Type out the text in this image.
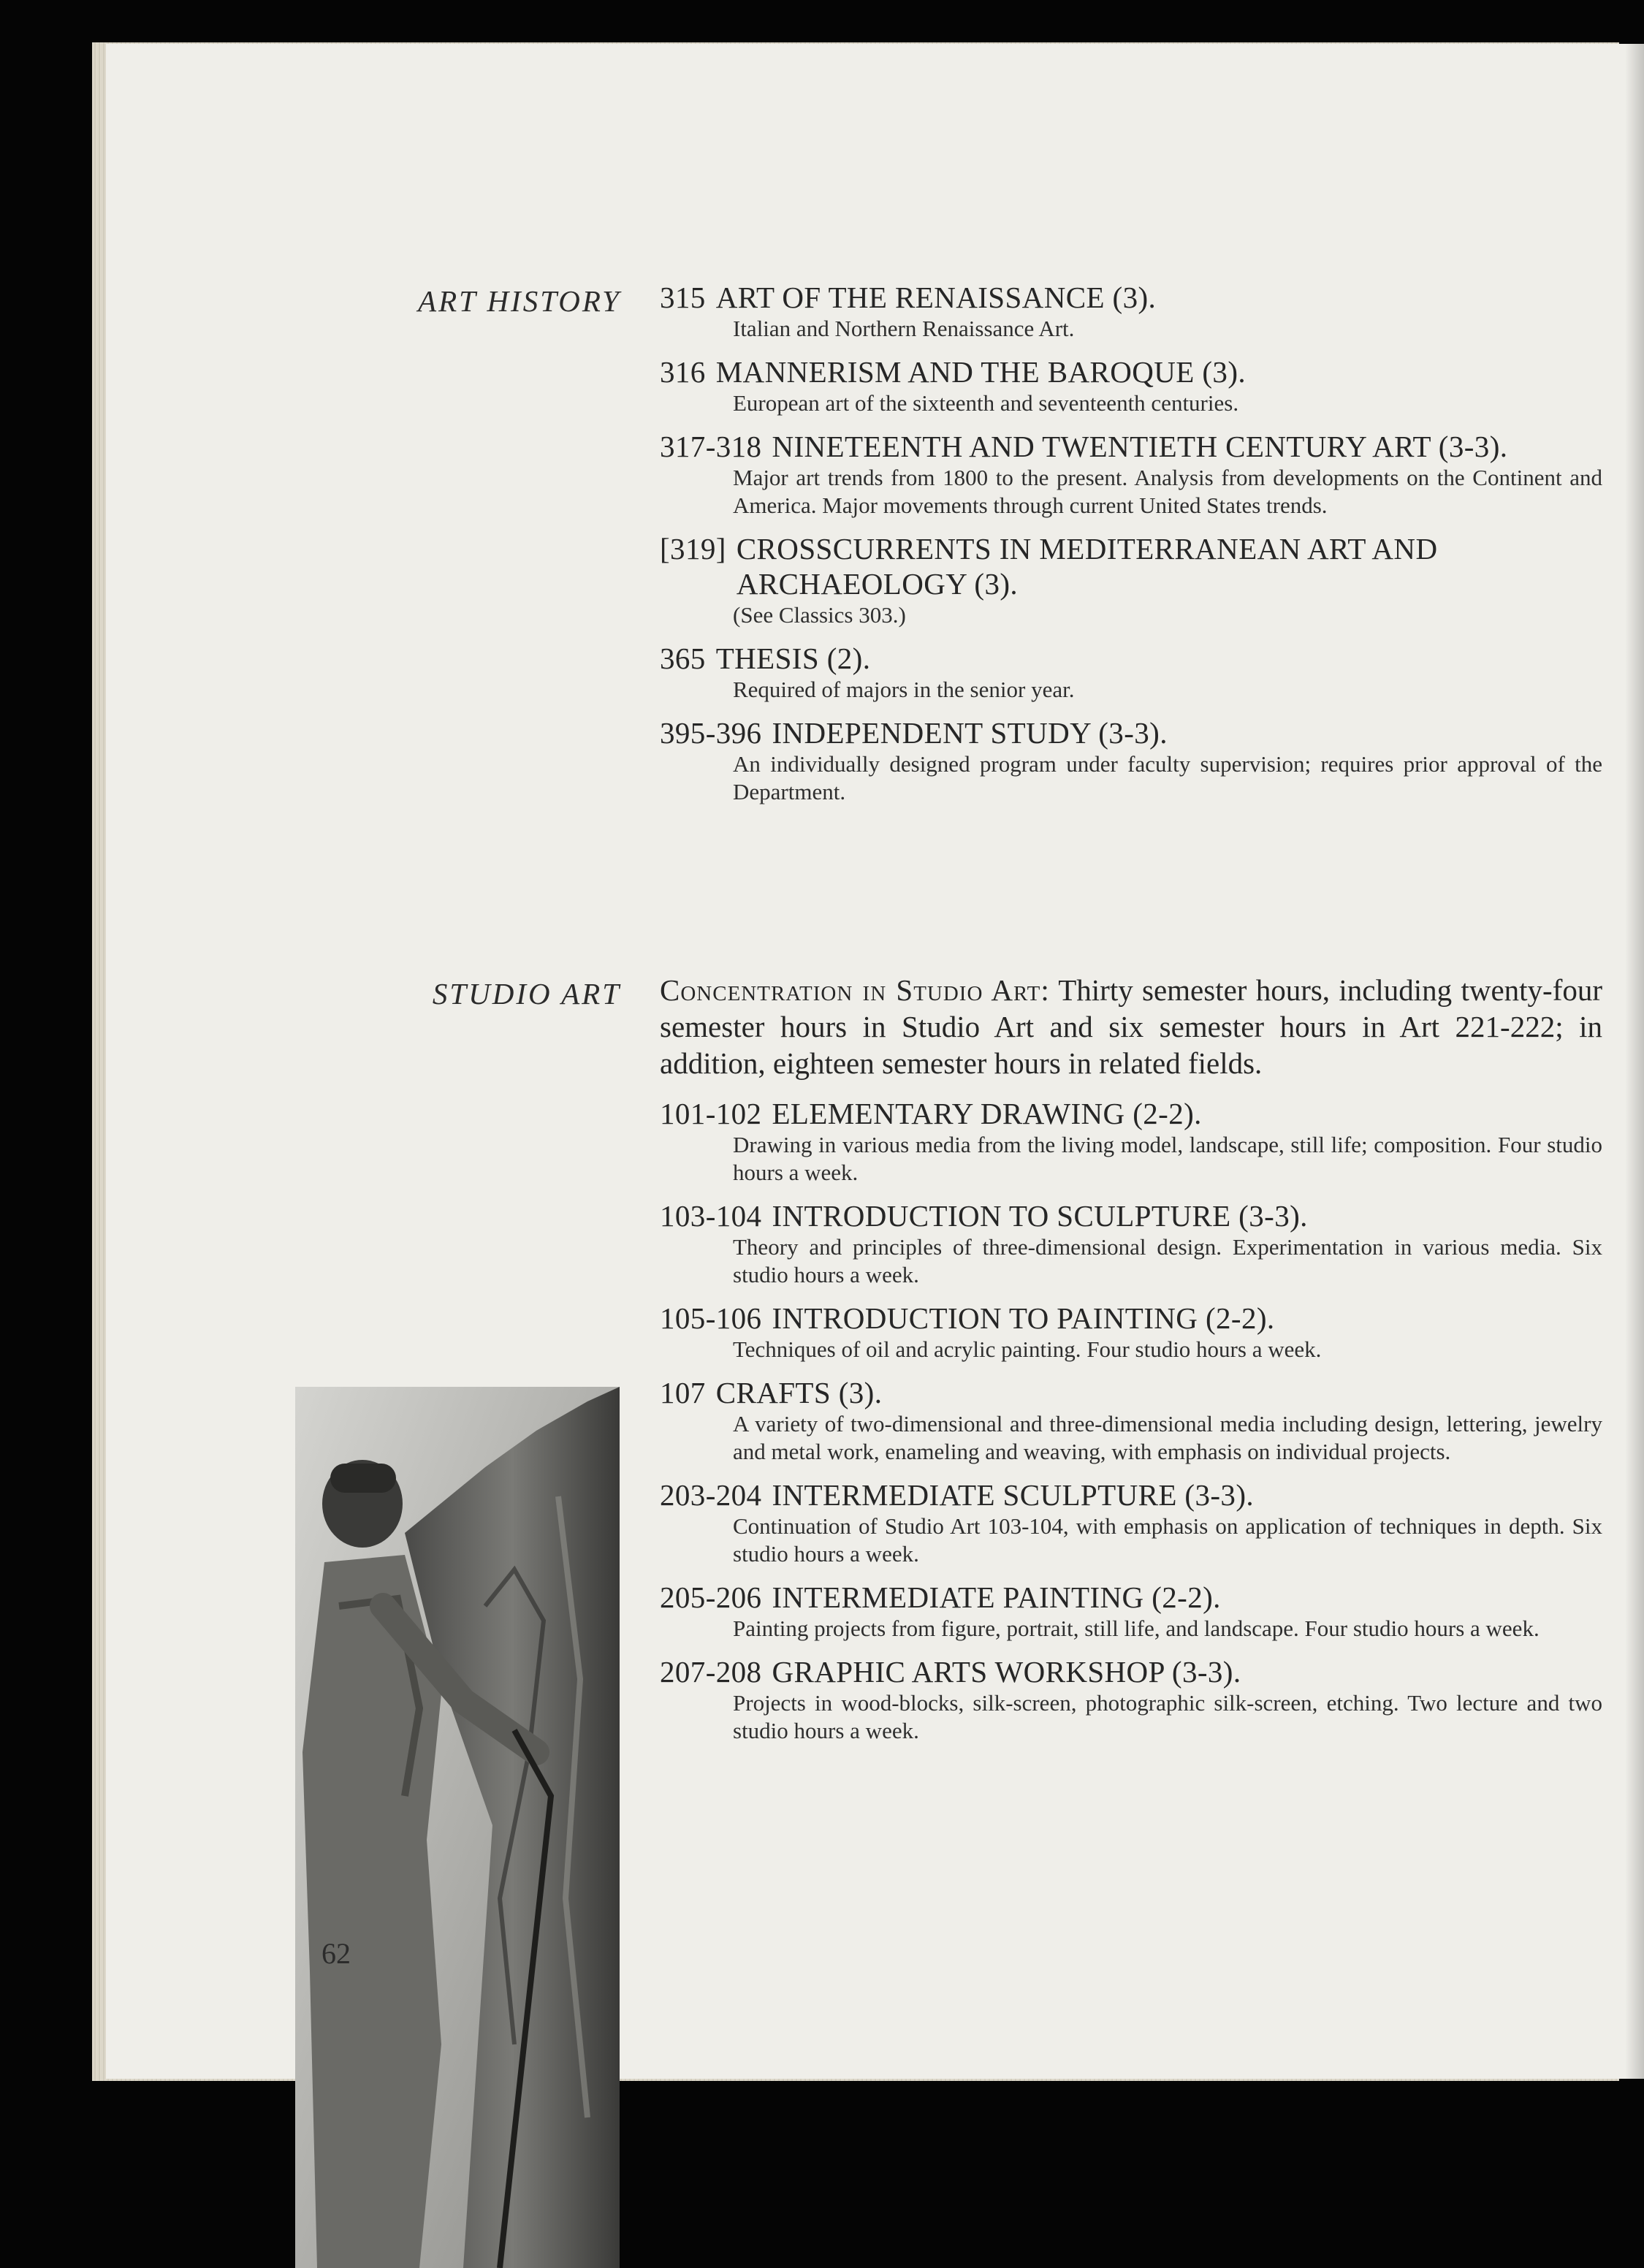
ART HISTORY
STUDIO ART
315 ART OF THE RENAISSANCE (3).
Italian and Northern Renaissance Art.
316 MANNERISM AND THE BAROQUE (3).
European art of the sixteenth and seventeenth centuries.
317-318 NINETEENTH AND TWENTIETH CENTURY ART (3-3).
Major art trends from 1800 to the present. Analysis from developments on the Continent and America. Major movements through current United States trends.
[319] CROSSCURRENTS IN MEDITERRANEAN ART AND ARCHAEOLOGY (3).
(See Classics 303.)
365 THESIS (2).
Required of majors in the senior year.
395-396 INDEPENDENT STUDY (3-3).
An individually designed program under faculty supervision; requires prior approval of the Department.
Concentration in Studio Art: Thirty semester hours, including twenty-four semester hours in Studio Art and six semester hours in Art 221-222; in addition, eighteen semester hours in related fields.
101-102 ELEMENTARY DRAWING (2-2).
Drawing in various media from the living model, landscape, still life; composition. Four studio hours a week.
103-104 INTRODUCTION TO SCULPTURE (3-3).
Theory and principles of three-dimensional design. Experimentation in various media. Six studio hours a week.
105-106 INTRODUCTION TO PAINTING (2-2).
Techniques of oil and acrylic painting. Four studio hours a week.
107 CRAFTS (3).
A variety of two-dimensional and three-dimensional media including design, lettering, jewelry and metal work, enameling and weaving, with emphasis on individual projects.
203-204 INTERMEDIATE SCULPTURE (3-3).
Continuation of Studio Art 103-104, with emphasis on application of techniques in depth. Six studio hours a week.
205-206 INTERMEDIATE PAINTING (2-2).
Painting projects from figure, portrait, still life, and landscape. Four studio hours a week.
207-208 GRAPHIC ARTS WORKSHOP (3-3).
Projects in wood-blocks, silk-screen, photographic silk-screen, etching. Two lecture and two studio hours a week.
62
